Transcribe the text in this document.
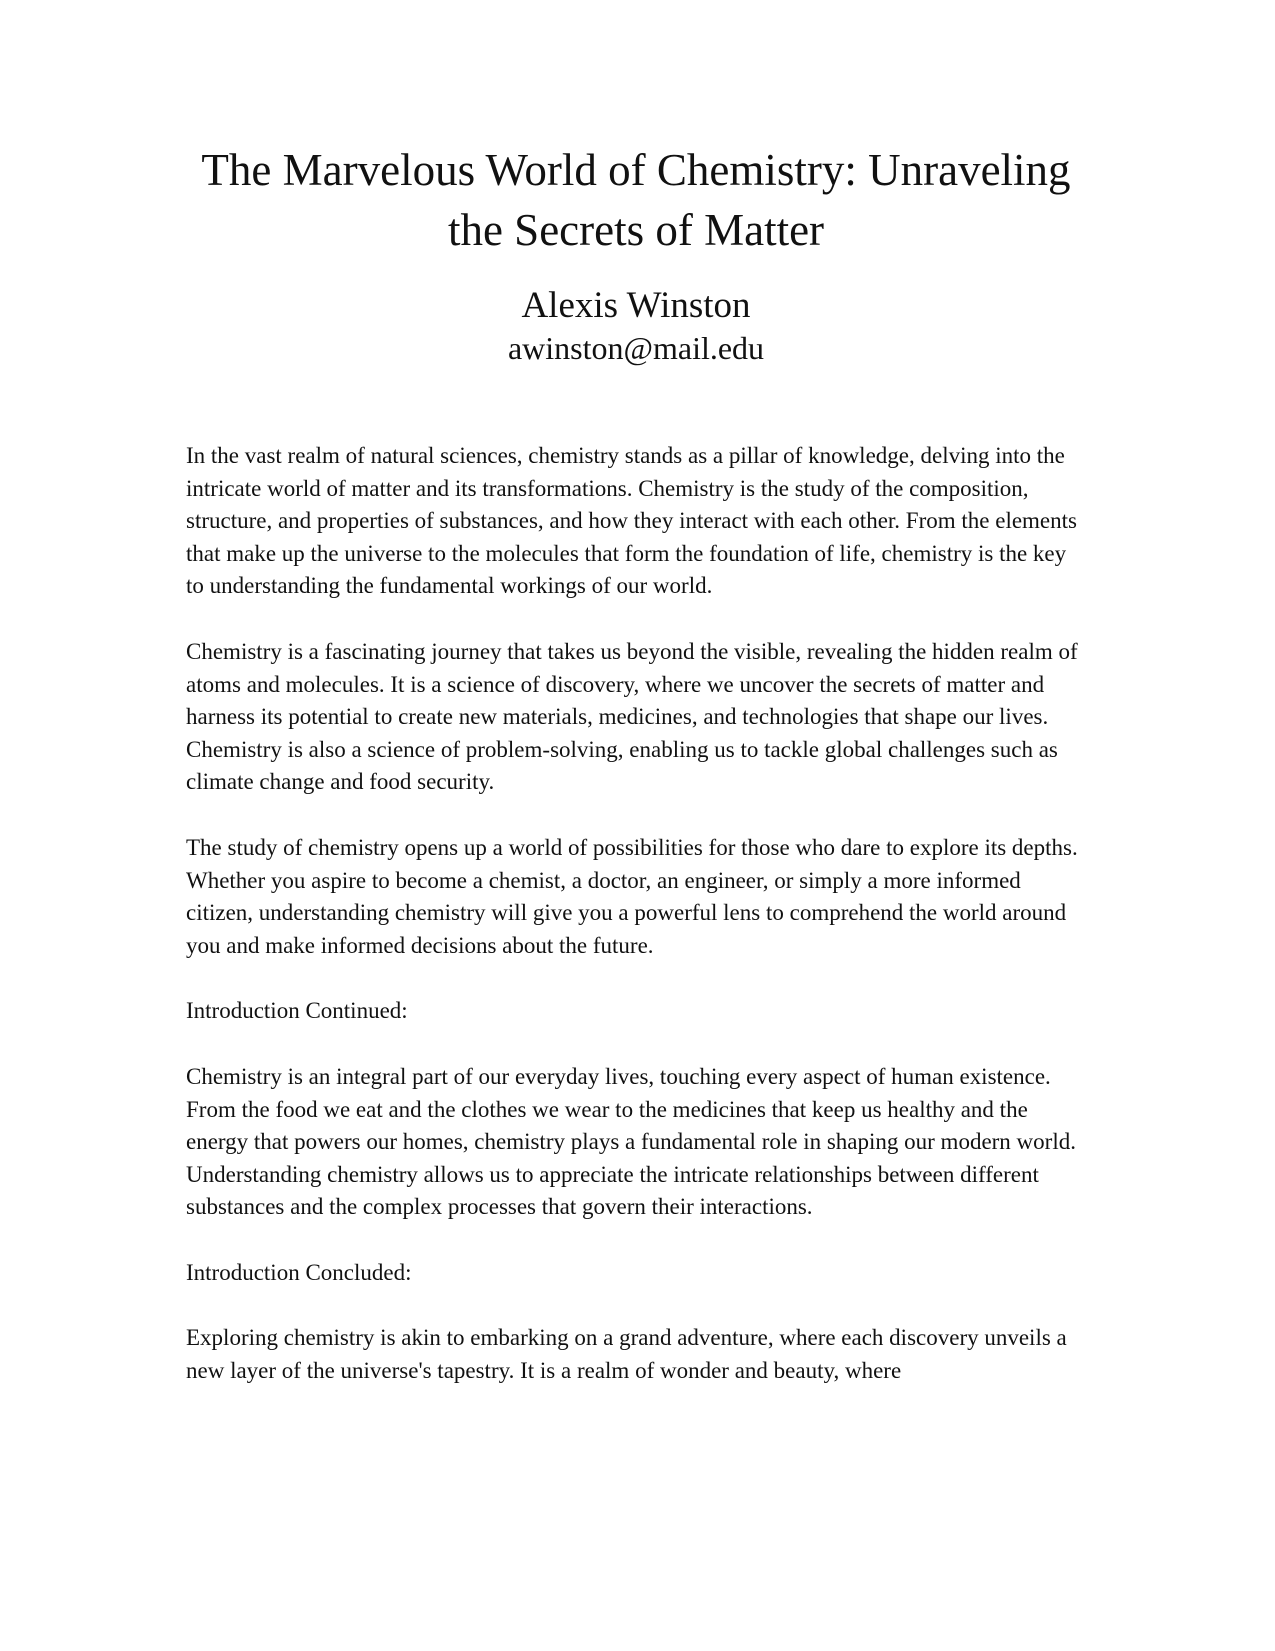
The Marvelous World of Chemistry: Unraveling the Secrets of Matter
Alexis Winston
awinston@mail.edu

In the vast realm of natural sciences, chemistry stands as a pillar of knowledge, delving into the intricate world of matter and its transformations. Chemistry is the study of the composition, structure, and properties of substances, and how they interact with each other. From the elements that make up the universe to the molecules that form the foundation of life, chemistry is the key to understanding the fundamental workings of our world.

Chemistry is a fascinating journey that takes us beyond the visible, revealing the hidden realm of atoms and molecules. It is a science of discovery, where we uncover the secrets of matter and harness its potential to create new materials, medicines, and technologies that shape our lives. Chemistry is also a science of problem-solving, enabling us to tackle global challenges such as climate change and food security.

The study of chemistry opens up a world of possibilities for those who dare to explore its depths. Whether you aspire to become a chemist, a doctor, an engineer, or simply a more informed citizen, understanding chemistry will give you a powerful lens to comprehend the world around you and make informed decisions about the future.

Introduction Continued:

Chemistry is an integral part of our everyday lives, touching every aspect of human existence. From the food we eat and the clothes we wear to the medicines that keep us healthy and the energy that powers our homes, chemistry plays a fundamental role in shaping our modern world. Understanding chemistry allows us to appreciate the intricate relationships between different substances and the complex processes that govern their interactions.

Introduction Concluded:

Exploring chemistry is akin to embarking on a grand adventure, where each discovery unveils a new layer of the universe's tapestry. It is a realm of wonder and beauty, where
